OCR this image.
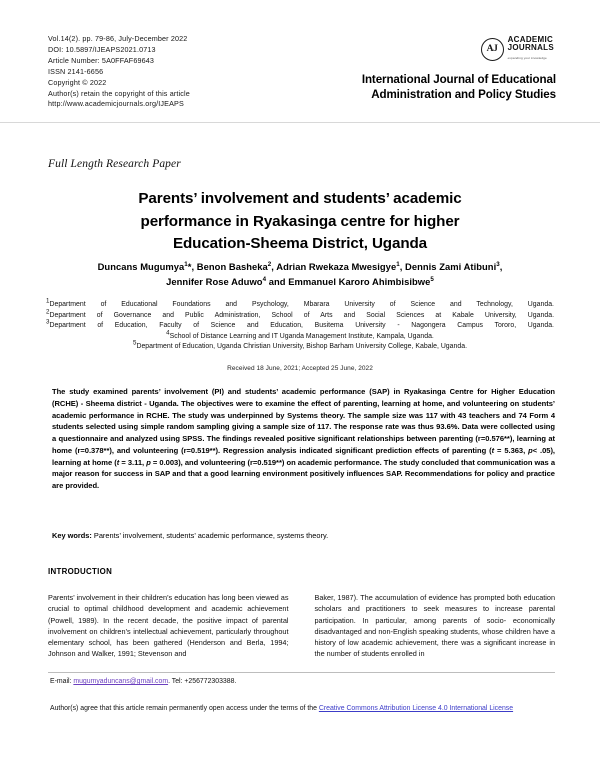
Vol.14(2). pp. 79-86, July-December 2022
DOI: 10.5897/IJEAPS2021.0713
Article Number: 5A0FFAF69643
ISSN 2141-6656
Copyright © 2022
Author(s) retain the copyright of this article
http://www.academicjournals.org/IJEAPS
AJ
ACADEMIC
JOURNALS
expanding your knowledge
International Journal of Educational
Administration and Policy Studies
Full Length Research Paper
Parents’ involvement and students’ academic
performance in Ryakasinga centre for higher
Education-Sheema District, Uganda
Duncans Mugumya$^1$*, Benon Basheka$^2$, Adrian Rwekaza Mwesigye$^1$, Dennis Zami Atibuni$^3$,
Jennifer Rose Aduwo$^4$ and Emmanuel Karoro Ahimbisibwe$^5$
$^1$Department of Educational Foundations and Psychology, Mbarara University of Science and Technology, Uganda.
$^2$Department of Governance and Public Administration, School of Arts and Social Sciences at Kabale University, Uganda.
$^3$Department of Education, Faculty of Science and Education, Busitema University - Nagongera Campus Tororo, Uganda.
$^4$School of Distance Learning and IT Uganda Management Institute, Kampala, Uganda.
$^5$Department of Education, Uganda Christian University, Bishop Barham University College, Kabale, Uganda.
Received 18 June, 2021; Accepted 25 June, 2022
The study examined parents’ involvement (PI) and students’ academic performance (SAP) in Ryakasinga Centre for Higher Education (RCHE) - Sheema district - Uganda. The objectives were to examine the effect of parenting, learning at home, and volunteering on students’ academic performance in RCHE. The study was underpinned by Systems theory. The sample size was 117 with 43 teachers and 74 Form 4 students selected using simple random sampling giving a sample size of 117. The response rate was thus 93.6%. Data were collected using a questionnaire and analyzed using SPSS. The findings revealed positive significant relationships between parenting (r=0.576**), learning at home (r=0.378**), and volunteering (r=0.519**). Regression analysis indicated significant prediction effects of parenting (t = 5.363, p< .05), learning at home (t = 3.11, p = 0.003), and volunteering (r=0.519**) on academic performance. The study concluded that communication was a major reason for success in SAP and that a good learning environment positively influences SAP. Recommendations for policy and practice are provided.
Key words: Parents’ involvement, students’ academic performance, systems theory.
INTRODUCTION
Parents’ involvement in their children’s education has long been viewed as crucial to optimal childhood development and academic achievement (Powell, 1989). In the recent decade, the positive impact of parental involvement on children’s intellectual achievement, particularly throughout elementary school, has been gathered (Henderson and Berla, 1994; Johnson and Walker, 1991; Stevenson and
Baker, 1987). The accumulation of evidence has prompted both education scholars and practitioners to seek measures to increase parental participation. In particular, among parents of socio- economically disadvantaged and non-English speaking students, whose children have a history of low academic achievement, there was a significant increase in the number of students enrolled in
E-mail: mugumyaduncans@gmail.com. Tel: +256772303388.
Author(s) agree that this article remain permanently open access under the terms of the Creative Commons Attribution License 4.0 International License
